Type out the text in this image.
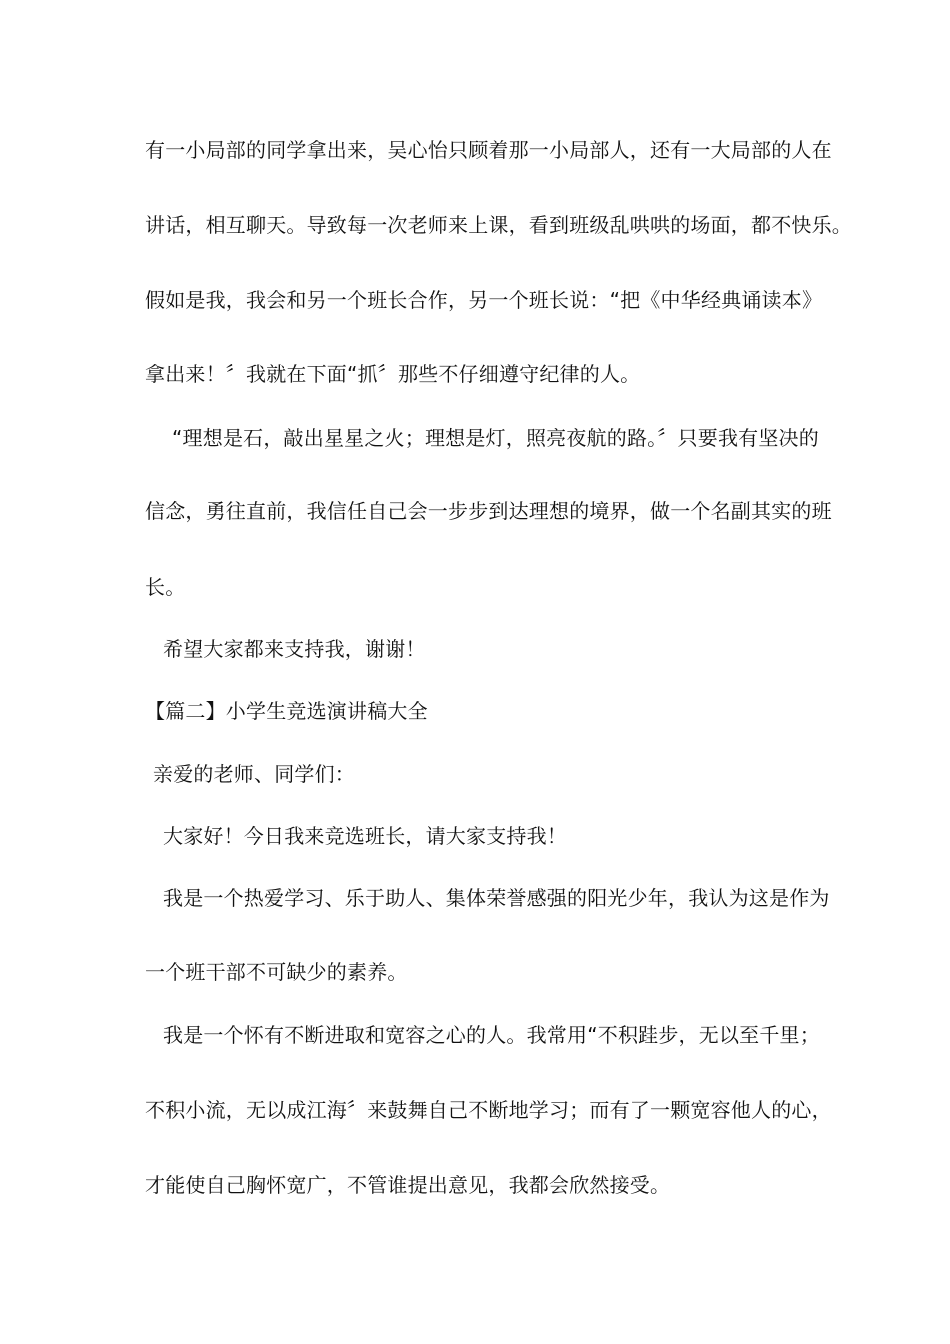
有一小局部的同学拿出来，吴心怡只顾着那一小局部人，还有一大局部的人在
讲话，相互聊天。导致每一次老师来上课，看到班级乱哄哄的场面，都不快乐。
假如是我，我会和另一个班长合作，另一个班长说：“把《中华经典诵读本》
拿出来！〞我就在下面“抓〞那些不仔细遵守纪律的人。
“理想是石，敲出星星之火；理想是灯，照亮夜航的路。〞只要我有坚决的
信念，勇往直前，我信任自己会一步步到达理想的境界，做一个名副其实的班
长。
希望大家都来支持我，谢谢！
【篇二】小学生竞选演讲稿大全
亲爱的老师、同学们：
大家好！今日我来竞选班长，请大家支持我！
我是一个热爱学习、乐于助人、集体荣誉感强的阳光少年，我认为这是作为
一个班干部不可缺少的素养。
我是一个怀有不断进取和宽容之心的人。我常用“不积跬步，无以至千里；
不积小流，无以成江海〞来鼓舞自己不断地学习；而有了一颗宽容他人的心，
才能使自己胸怀宽广，不管谁提出意见，我都会欣然接受。
